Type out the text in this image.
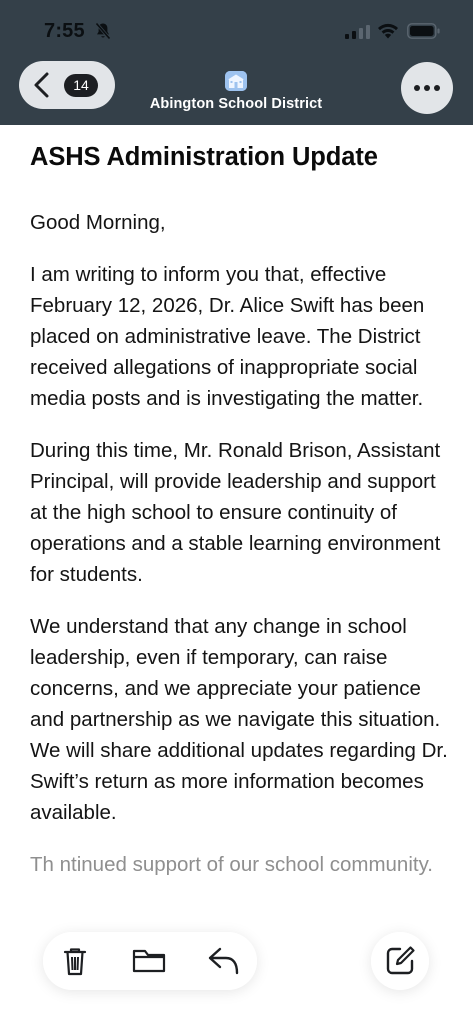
7:55
14
Abington School District
ASHS Administration Update

Good Morning,

I am writing to inform you that, effective February 12, 2026, Dr. Alice Swift has been placed on administrative leave. The District received allegations of inappropriate social media posts and is investigating the matter.

During this time, Mr. Ronald Brison, Assistant Principal, will provide leadership and support at the high school to ensure continuity of operations and a stable learning environment for students.

We understand that any change in school leadership, even if temporary, can raise concerns, and we appreciate your patience and partnership as we navigate this situation. We will share additional updates regarding Dr. Swift’s return as more information becomes available.

Th ntinued support of our school community.
